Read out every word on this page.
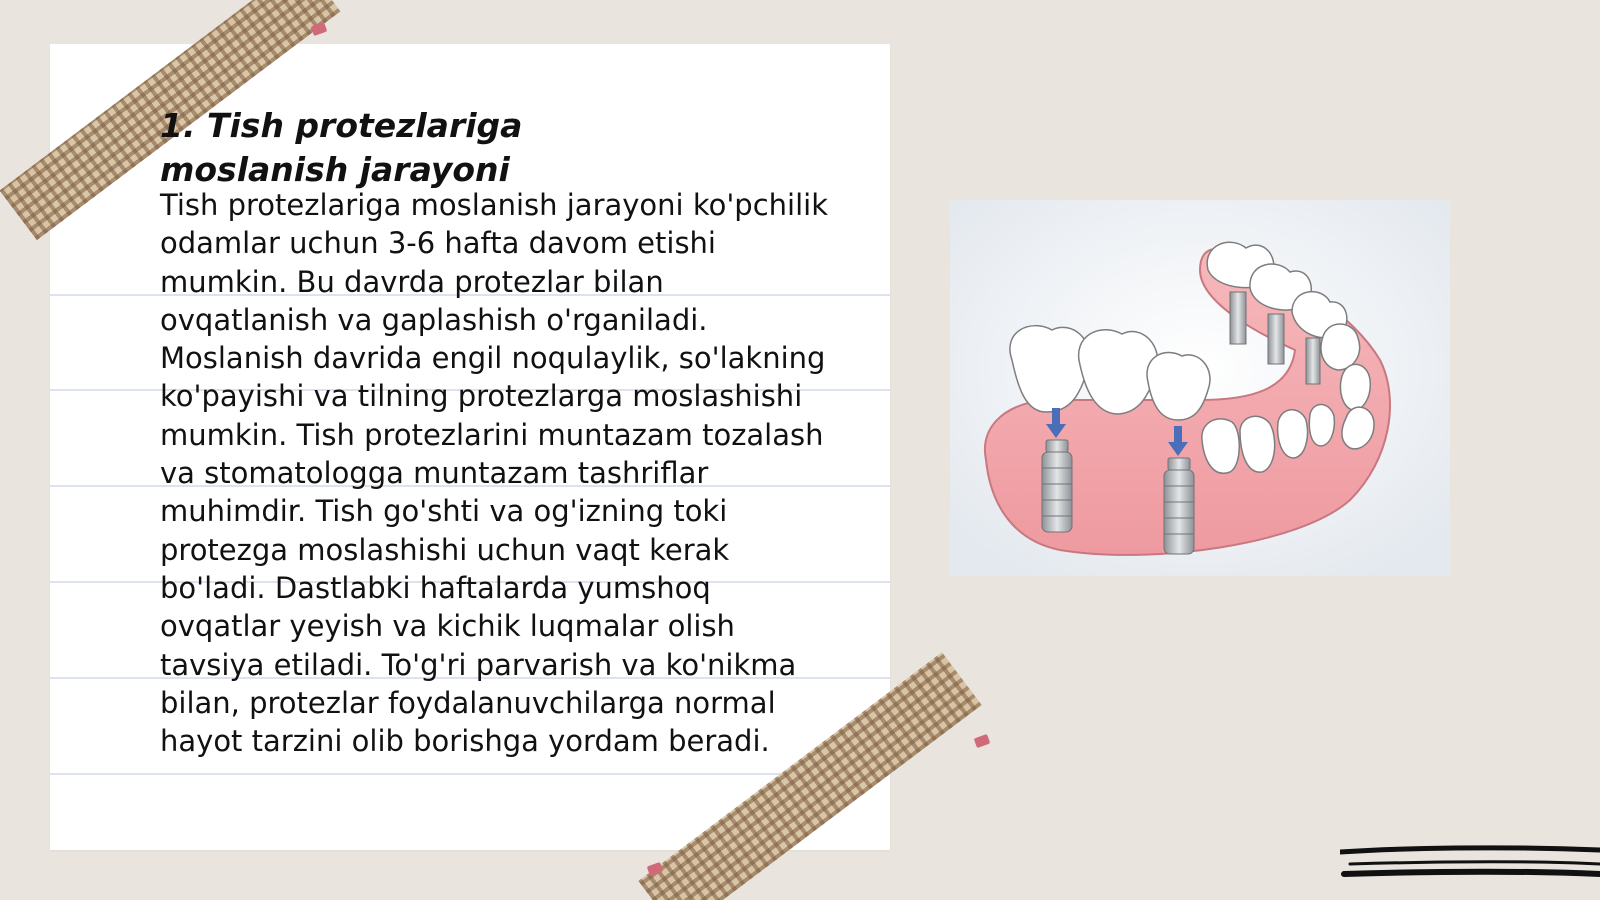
1. Tish protezlariga moslanish jarayoni

Tish protezlariga moslanish jarayoni ko'pchilik odamlar uchun 3-6 hafta davom etishi mumkin. Bu davrda protezlar bilan ovqatlanish va gaplashish o'rganiladi. Moslanish davrida engil noqulaylik, so'lakning ko'payishi va tilning protezlarga moslashishi mumkin. Tish protezlarini muntazam tozalash va stomatologga muntazam tashriflar muhimdir. Tish go'shti va og'izning toki protezga moslashishi uchun vaqt kerak bo'ladi. Dastlabki haftalarda yumshoq ovqatlar yeyish va kichik luqmalar olish tavsiya etiladi. To'g'ri parvarish va ko'nikma bilan, protezlar foydalanuvchilarga normal hayot tarzini olib borishga yordam beradi.
